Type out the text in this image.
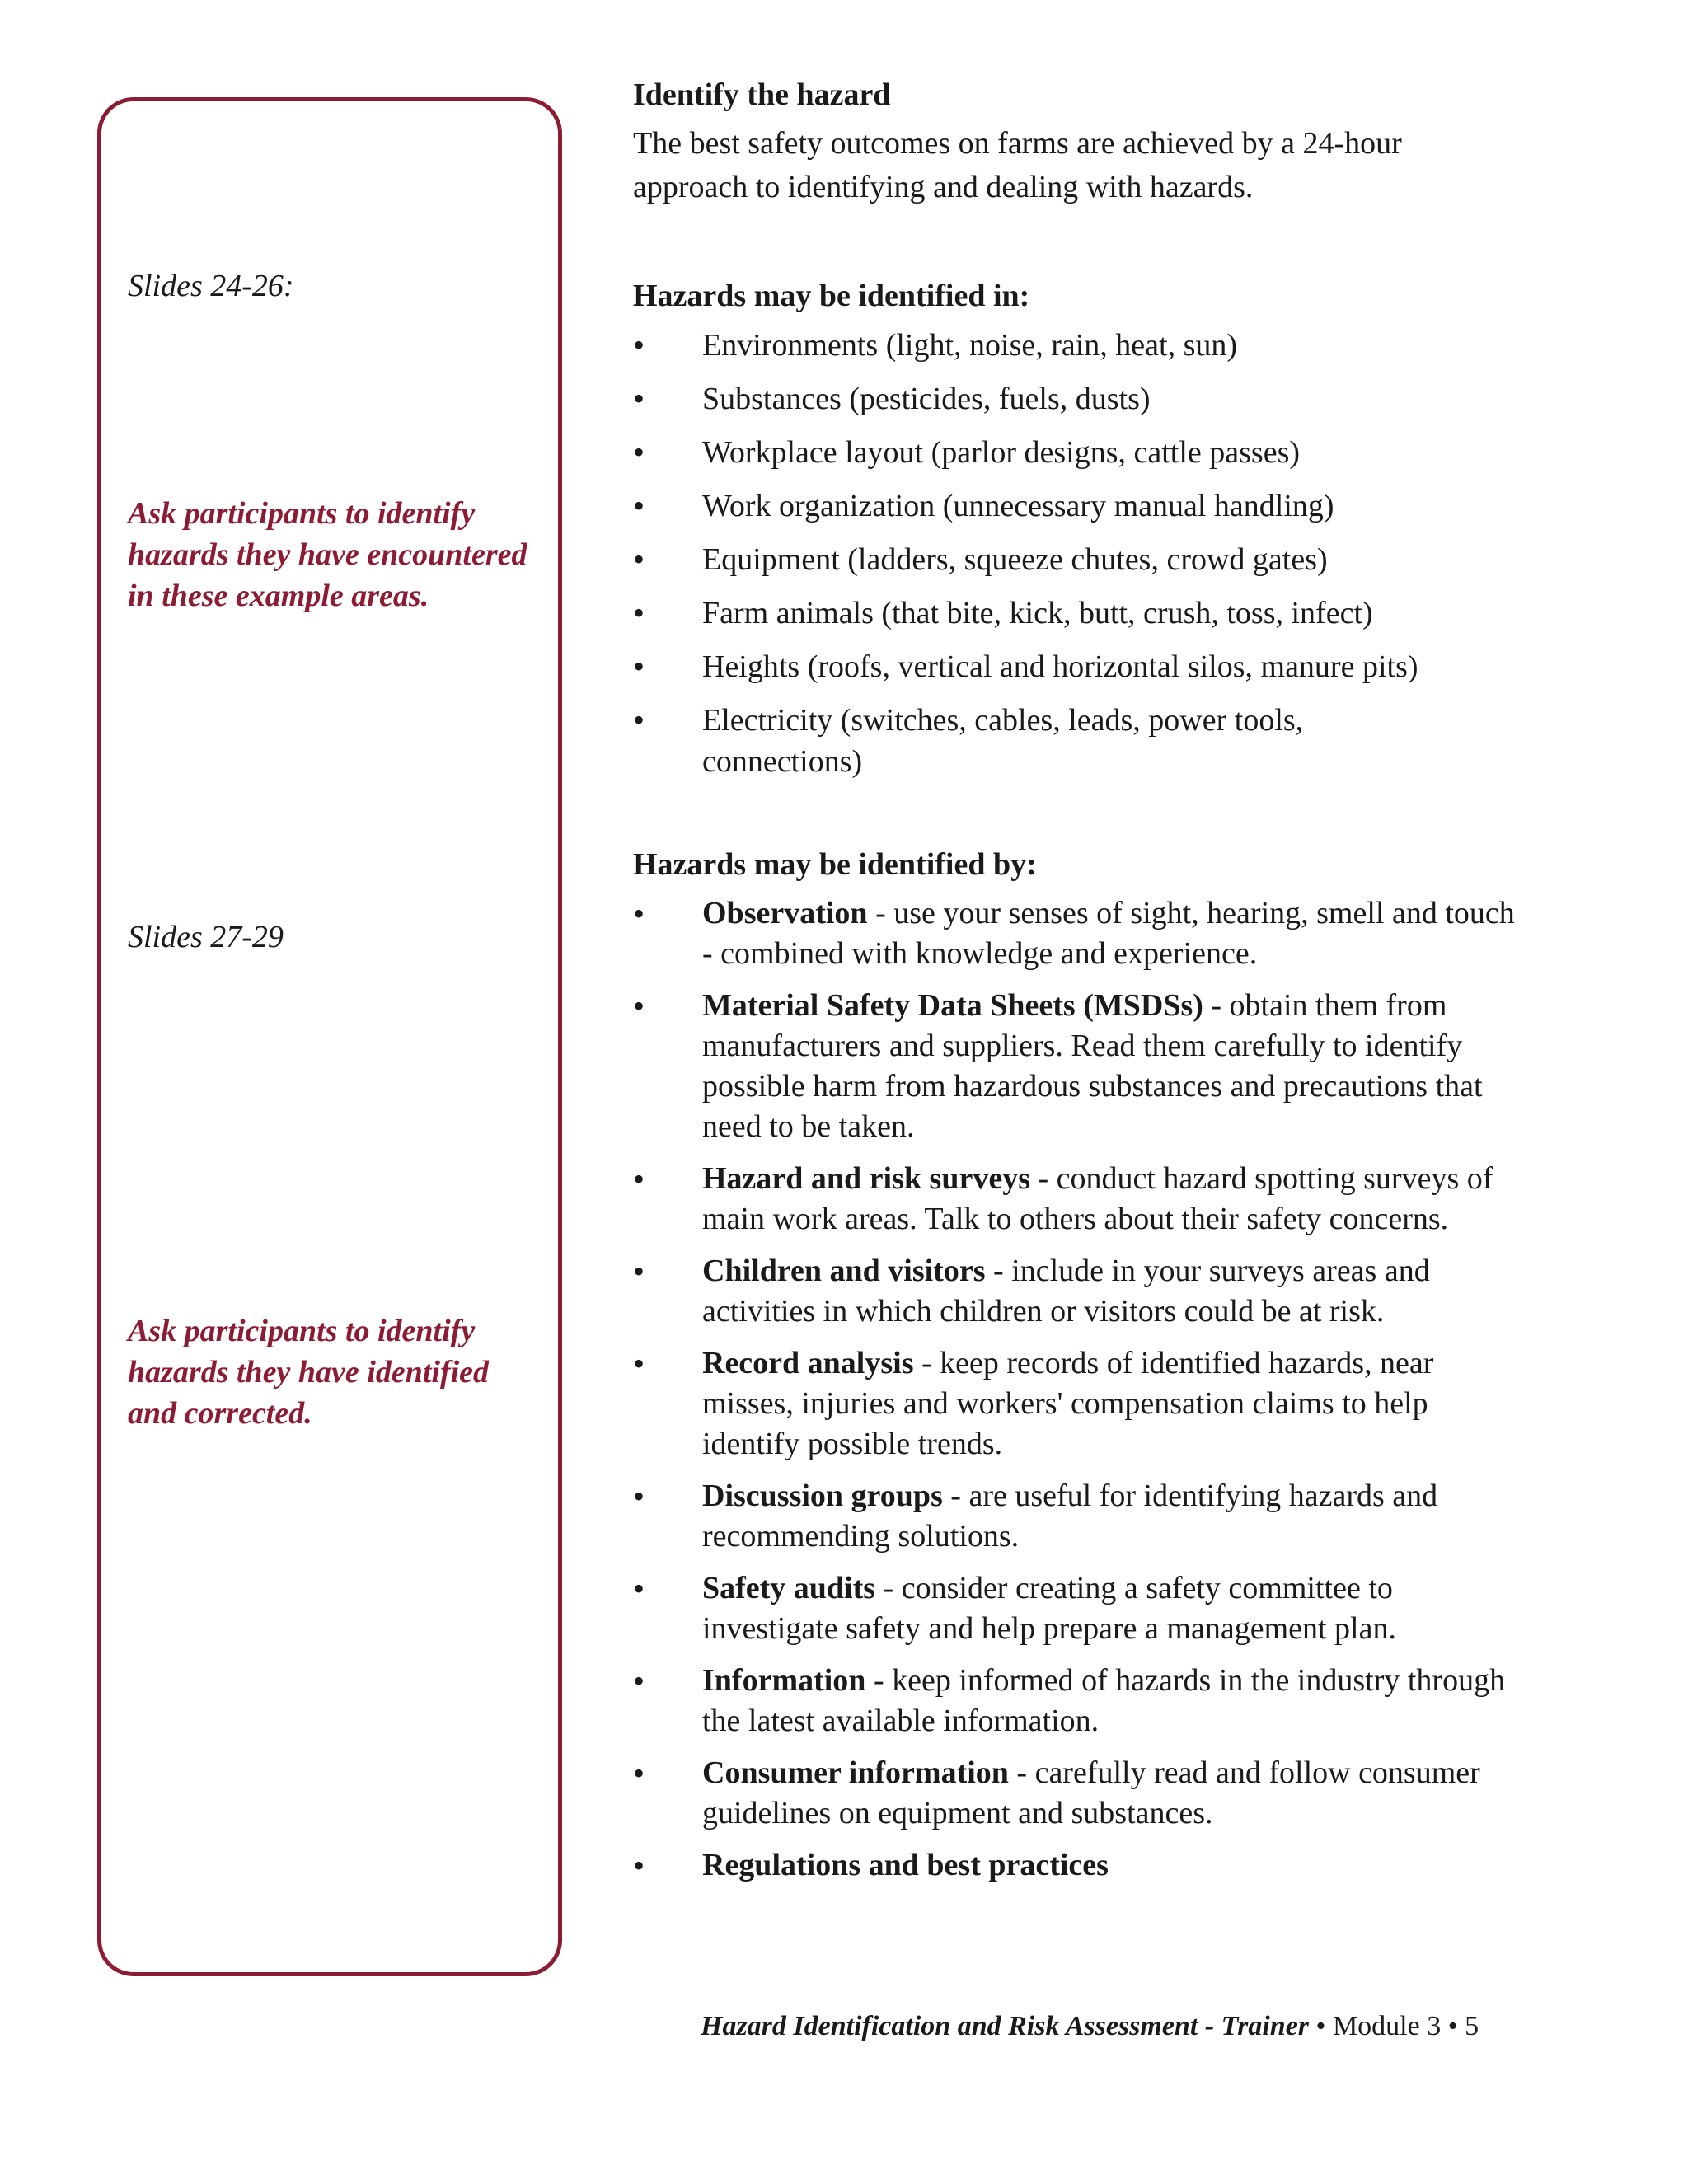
Slides 24-26:
Ask participants to identify hazards they have encountered in these example areas.
Slides 27-29
Ask participants to identify hazards they have identified and corrected.
Identify the hazard

The best safety outcomes on farms are achieved by a 24-hour approach to identifying and dealing with hazards.

Hazards may be identified in:
• Environments (light, noise, rain, heat, sun)
• Substances (pesticides, fuels, dusts)
• Workplace layout (parlor designs, cattle passes)
• Work organization (unnecessary manual handling)
• Equipment (ladders, squeeze chutes, crowd gates)
• Farm animals (that bite, kick, butt, crush, toss, infect)
• Heights (roofs, vertical and horizontal silos, manure pits)
• Electricity (switches, cables, leads, power tools, connections)
Hazards may be identified by:
• Observation - use your senses of sight, hearing, smell and touch - combined with knowledge and experience.
• Material Safety Data Sheets (MSDSs) - obtain them from manufacturers and suppliers. Read them carefully to identify possible harm from hazardous substances and precautions that need to be taken.
• Hazard and risk surveys - conduct hazard spotting surveys of main work areas. Talk to others about their safety concerns.
• Children and visitors - include in your surveys areas and activities in which children or visitors could be at risk.
• Record analysis - keep records of identified hazards, near misses, injuries and workers' compensation claims to help identify possible trends.
• Discussion groups - are useful for identifying hazards and recommending solutions.
• Safety audits - consider creating a safety committee to investigate safety and help prepare a management plan.
• Information - keep informed of hazards in the industry through the latest available information.
• Consumer information - carefully read and follow consumer guidelines on equipment and substances.
• Regulations and best practices
Hazard Identification and Risk Assessment - Trainer • Module 3 • 5
